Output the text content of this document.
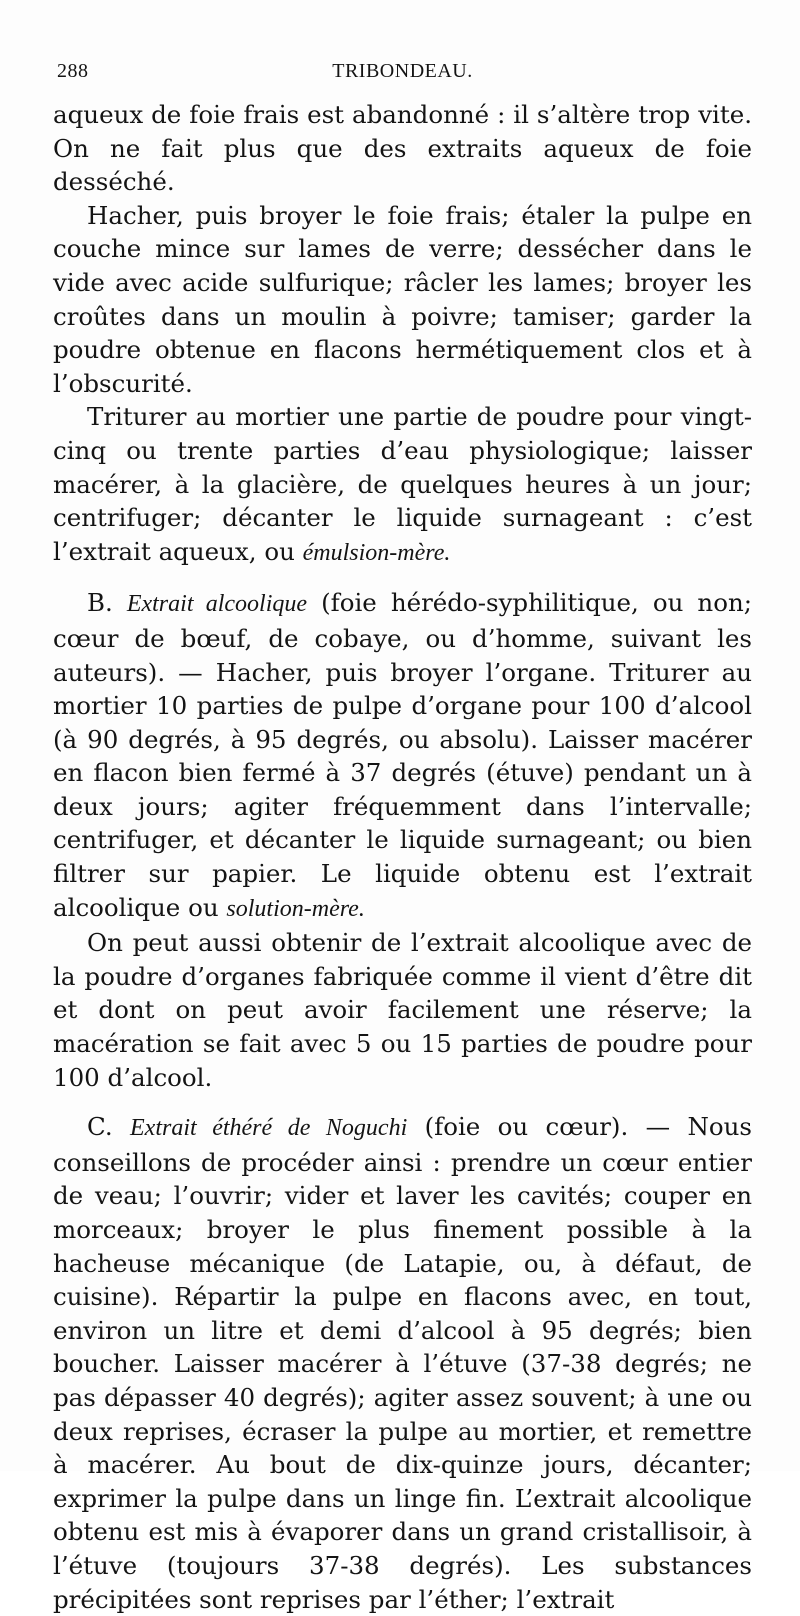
288	TRIBONDEAU.

aqueux de foie frais est abandonné : il s’altère trop vite. On ne fait plus que des extraits aqueux de foie desséché.

Hacher, puis broyer le foie frais; étaler la pulpe en couche mince sur lames de verre; dessécher dans le vide avec acide sulfurique; râcler les lames; broyer les croûtes dans un moulin à poivre; tamiser; garder la poudre obtenue en flacons hermétiquement clos et à l’obscurité.

Triturer au mortier une partie de poudre pour vingt-cinq ou trente parties d’eau physiologique; laisser macérer, à la glacière, de quelques heures à un jour; centrifuger; décanter le liquide surnageant : c’est l’extrait aqueux, ou émulsion-mère.

B. Extrait alcoolique (foie hérédo-syphilitique, ou non; cœur de bœuf, de cobaye, ou d’homme, suivant les auteurs). — Hacher, puis broyer l’organe. Triturer au mortier 10 parties de pulpe d’organe pour 100 d’alcool (à 90 degrés, à 95 degrés, ou absolu). Laisser macérer en flacon bien fermé à 37 degrés (étuve) pendant un à deux jours; agiter fréquemment dans l’intervalle; centrifuger, et décanter le liquide surnageant; ou bien filtrer sur papier. Le liquide obtenu est l’extrait alcoolique ou solution-mère.

On peut aussi obtenir de l’extrait alcoolique avec de la poudre d’organes fabriquée comme il vient d’être dit et dont on peut avoir facilement une réserve; la macération se fait avec 5 ou 15 parties de poudre pour 100 d’alcool.

C. Extrait éthéré de Noguchi (foie ou cœur). — Nous conseillons de procéder ainsi : prendre un cœur entier de veau; l’ouvrir; vider et laver les cavités; couper en morceaux; broyer le plus finement possible à la hacheuse mécanique (de Latapie, ou, à défaut, de cuisine). Répartir la pulpe en flacons avec, en tout, environ un litre et demi d’alcool à 95 degrés; bien boucher. Laisser macérer à l’étuve (37-38 degrés; ne pas dépasser 40 degrés); agiter assez souvent; à une ou deux reprises, écraser la pulpe au mortier, et remettre à macérer. Au bout de dix-quinze jours, décanter; exprimer la pulpe dans un linge fin. L’extrait alcoolique obtenu est mis à évaporer dans un grand cristallisoir, à l’étuve (toujours 37-38 degrés). Les substances précipitées sont reprises par l’éther; l’extrait
